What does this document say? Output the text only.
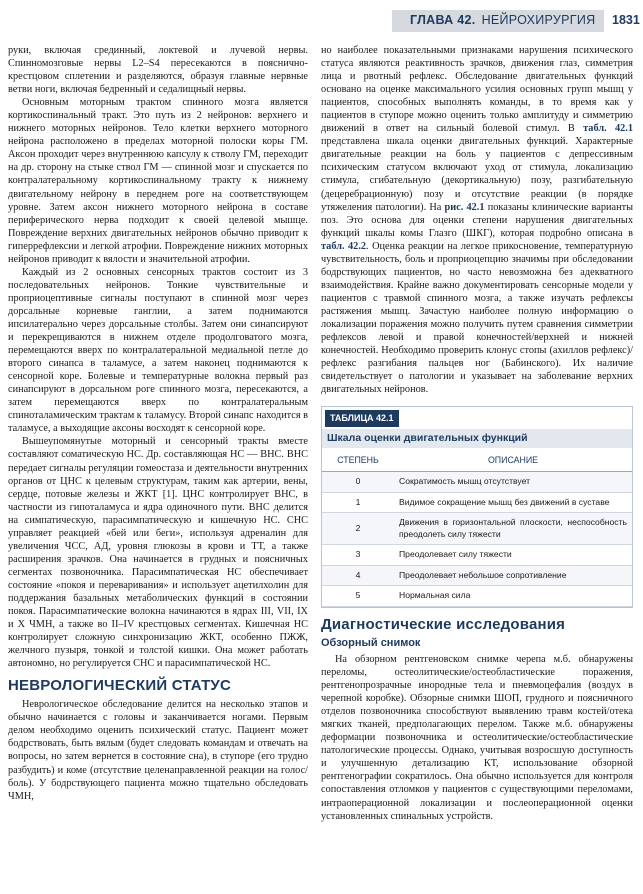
ГЛАВА 42. НЕЙРОХИРУРГИЯ 1831

руки, включая срединный, локтевой и лучевой нервы. Спинномозговые нервы L2–S4 пересекаются в пояснично-крестцовом сплетении и разделяются, образуя главные нервные ветви ноги, включая бедренный и седалищный нервы.

Основным моторным трактом спинного мозга является кортикоспинальный тракт. Это путь из 2 нейронов: верхнего и нижнего моторных нейронов. Тело клетки верхнего моторного нейрона расположено в пределах моторной полоски коры ГМ. Аксон проходит через внутреннюю капсулу к стволу ГМ, переходит на др. сторону на стыке ствол ГМ — спинной мозг и спускается по контралатеральному кортикоспинальному тракту к нижнему двигательному нейрону в переднем роге на соответствующем уровне. Затем аксон нижнего моторного нейрона в составе периферического нерва подходит к своей целевой мышце. Повреждение верхних двигательных нейронов обычно приводит к гиперрефлексии и легкой атрофии. Повреждение нижних моторных нейронов приводит к вялости и значительной атрофии.

Каждый из 2 основных сенсорных трактов состоит из 3 последовательных нейронов. Тонкие чувствительные и проприоцептивные сигналы поступают в спинной мозг через дорсальные корневые ганглии, а затем поднимаются ипсилатерально через дорсальные столбы. Затем они синапсируют и перекрещиваются в нижнем отделе продолговатого мозга, перемещаются вверх по контралатеральной медиальной петле до второго синапса в таламусе, а затем наконец поднимаются к сенсорной коре. Болевые и температурные волокна первый раз синапсируют в дорсальном роге спинного мозга, пересекаются, а затем перемещаются вверх по контралатеральным спиноталамическим трактам к таламусу. Второй синапс находится в таламусе, а выходящие аксоны восходят к сенсорной коре.

Вышеупомянутые моторный и сенсорный тракты вместе составляют соматическую НС. Др. составляющая НС — ВНС. ВНС передает сигналы регуляции гомеостаза и деятельности внутренних органов от ЦНС к целевым структурам, таким как артерии, вены, сердце, потовые железы и ЖКТ [1]. ЦНС контролирует ВНС, в частности из гипоталамуса и ядра одиночного пути. ВНС делится на симпатическую, парасимпатическую и кишечную НС. СНС управляет реакцией «бей или беги», используя адреналин для увеличения ЧСС, АД, уровня глюкозы в крови и ТТ, а также расширения зрачков. Она начинается в грудных и поясничных сегментах позвоночника. Парасимпатическая НС обеспечивает состояние «покоя и переваривания» и использует ацетилхолин для поддержания базальных метаболических функций в состоянии покоя. Парасимпатические волокна начинаются в ядрах III, VII, IX и X ЧМН, а также во II–IV крестцовых сегментах. Кишечная НС контролирует сложную синхронизацию ЖКТ, особенно ПЖЖ, желчного пузыря, тонкой и толстой кишки. Она может работать автономно, но регулируется СНС и парасимпатической НС.

НЕВРОЛОГИЧЕСКИЙ СТАТУС

Неврологическое обследование делится на несколько этапов и обычно начинается с головы и заканчивается ногами. Первым делом необходимо оценить психический статус. Пациент может бодрствовать, быть вялым (будет следовать командам и отвечать на вопросы, но затем вернется в состояние сна), в ступоре (его трудно разбудить) и коме (отсутствие целенаправленной реакции на голос/боль). У бодрствующего пациента можно тщательно обследовать ЧМН,

но наиболее показательными признаками нарушения психического статуса являются реактивность зрачков, движения глаз, симметрия лица и рвотный рефлекс. Обследование двигательных функций основано на оценке максимального усилия основных групп мышц у пациентов, способных выполнять команды, в то время как у пациентов в ступоре можно оценить только амплитуду и симметрию движений в ответ на сильный болевой стимул. В табл. 42.1 представлена шкала оценки двигательных функций. Характерные двигательные реакции на боль у пациентов с депрессивным психическим статусом включают уход от стимула, локализацию стимула, сгибательную (декортикальную) позу, разгибательную (децеребрационную) позу и отсутствие реакции (в порядке утяжеления патологии). На рис. 42.1 показаны клинические варианты поз. Это основа для оценки степени нарушения двигательных функций шкалы комы Глазго (ШКГ), которая подробно описана в табл. 42.2. Оценка реакции на легкое прикосновение, температурную чувствительность, боль и проприоцепцию значимы при обследовании бодрствующих пациентов, но часто невозможна без адекватного взаимодействия. Крайне важно документировать сенсорные модели у пациентов с травмой спинного мозга, а также изучать рефлексы растяжения мышц. Зачастую наиболее полную информацию о локализации поражения можно получить путем сравнения симметрии рефлексов левой и правой конечностей/верхней и нижней конечностей. Необходимо проверить клонус стопы (ахиллов рефлекс)/рефлекс разгибания пальцев ног (Бабинского). Их наличие свидетельствует о патологии и указывает на заболевание верхних двигательных нейронов.

ТАБЛИЦА 42.1
Шкала оценки двигательных функций
СТЕПЕНЬ	ОПИСАНИЕ
0	Сократимость мышц отсутствует
1	Видимое сокращение мышц без движений в суставе
2	Движения в горизонтальной плоскости, неспособность преодолеть силу тяжести
3	Преодолевает силу тяжести
4	Преодолевает небольшое сопротивление
5	Нормальная сила
Диагностические исследования
Обзорный снимок

На обзорном рентгеновском снимке черепа м.б. обнаружены переломы, остеолитические/остеобластические поражения, рентгенопрозрачные инородные тела и пневмоцефалия (воздух в черепной коробке). Обзорные снимки ШОП, грудного и поясничного отделов позвоночника способствуют выявлению травм костей/отека мягких тканей, предполагающих перелом. Также м.б. обнаружены деформации позвоночника и остеолитические/остеобластические патологические процессы. Однако, учитывая возросшую доступность и улучшенную детализацию КТ, использование обзорной рентгенографии сократилось. Она обычно используется для контроля сопоставления отломков у пациентов с существующими переломами, интраоперационной локализации и послеоперационной оценки установленных спинальных устройств.
